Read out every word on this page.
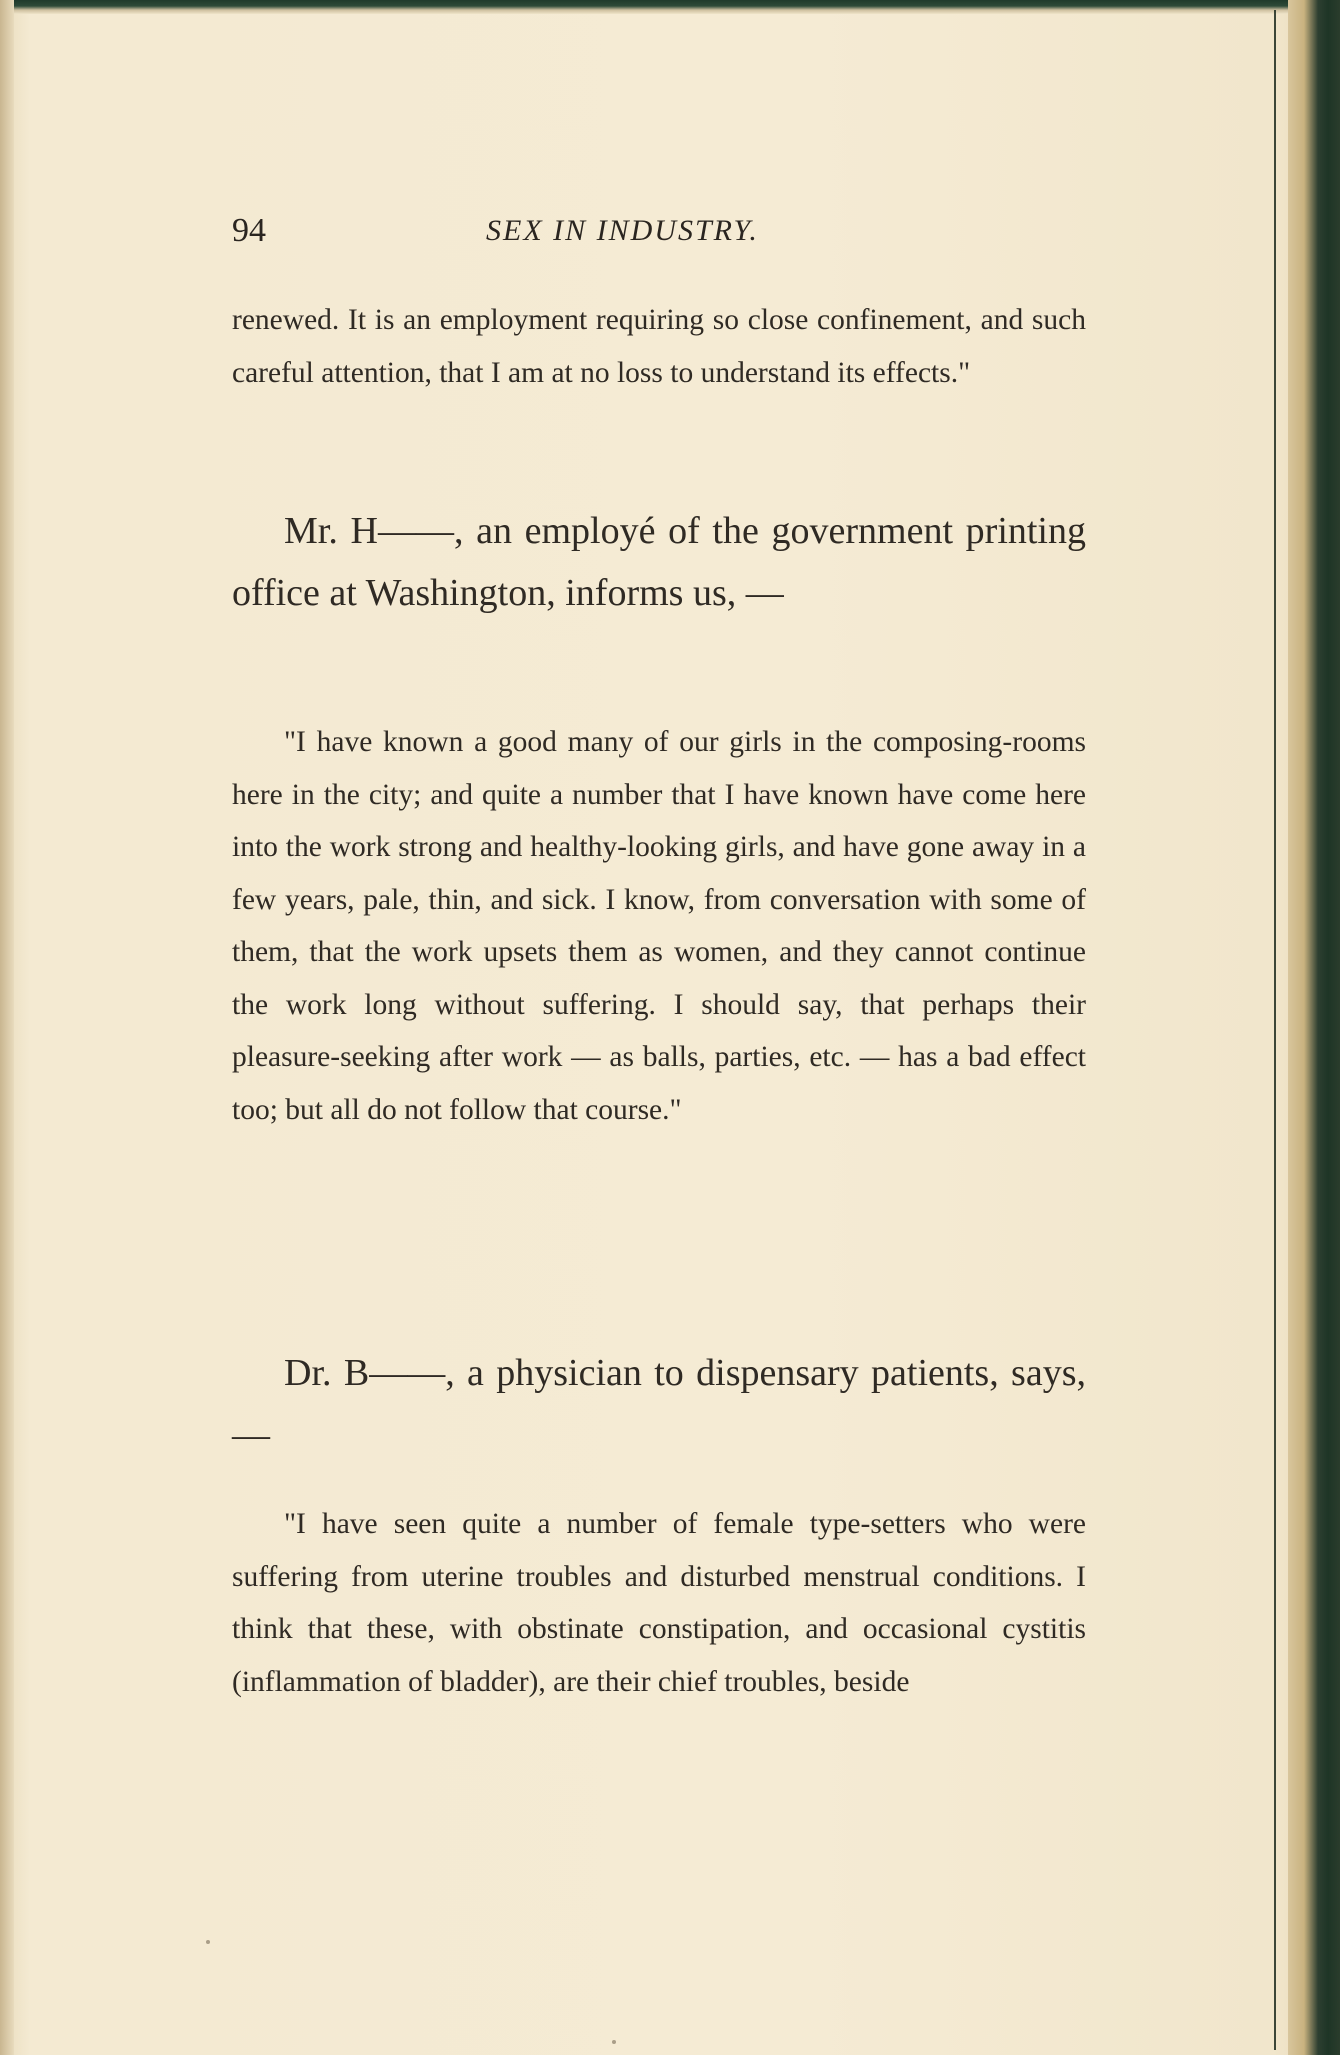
94	SEX IN INDUSTRY.

renewed. It is an employment requiring so close confinement, and such careful attention, that I am at no loss to understand its effects."

Mr. H——, an employé of the government printing office at Washington, informs us, —

"I have known a good many of our girls in the composing-rooms here in the city; and quite a number that I have known have come here into the work strong and healthy-looking girls, and have gone away in a few years, pale, thin, and sick. I know, from conversation with some of them, that the work upsets them as women, and they cannot continue the work long without suffering. I should say, that perhaps their pleasure-seeking after work — as balls, parties, etc. — has a bad effect too; but all do not follow that course."

Dr. B——, a physician to dispensary patients, says, —

"I have seen quite a number of female type-setters who were suffering from uterine troubles and disturbed menstrual conditions. I think that these, with obstinate constipation, and occasional cystitis (inflammation of bladder), are their chief troubles, beside
